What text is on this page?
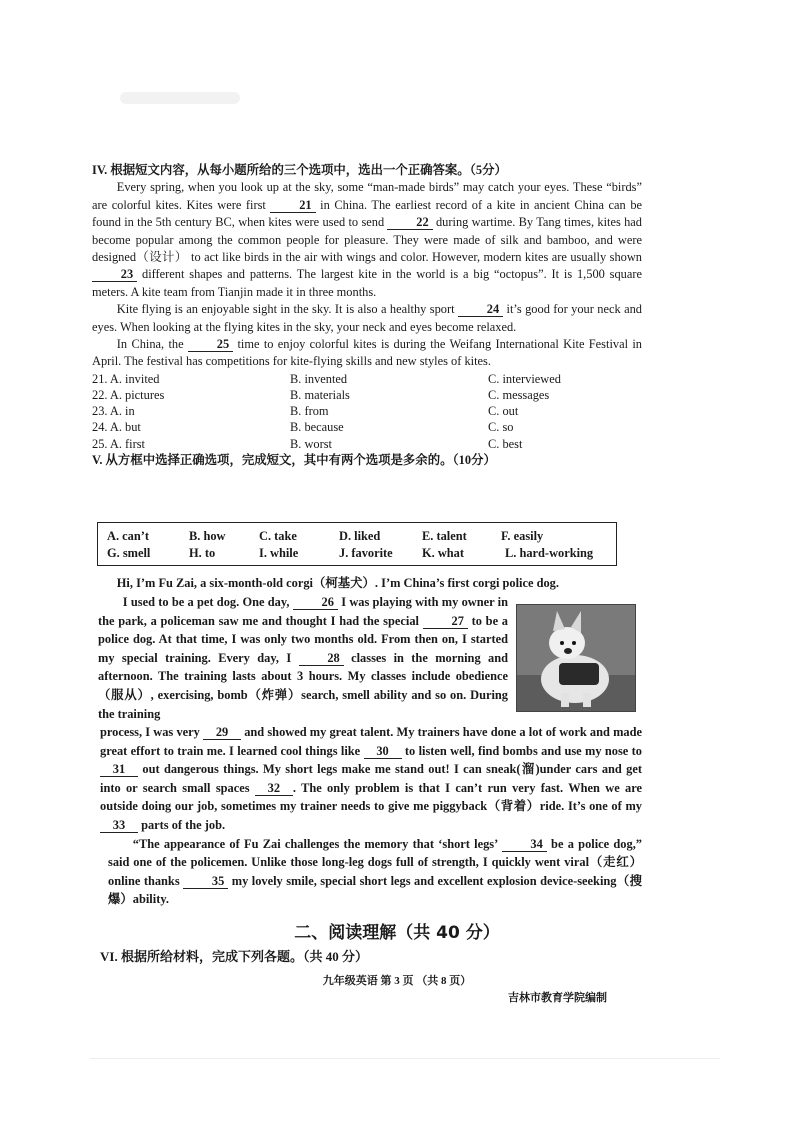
IV. 根据短文内容，从每小题所给的三个选项中，选出一个正确答案。（5分）

Every spring, when you look up at the sky, some “man-made birds” may catch your eyes. These “birds” are colorful kites. Kites were first 21 in China. The earliest record of a kite in ancient China can be found in the 5th century BC, when kites were used to send 22 during wartime. By Tang times, kites had become popular among the common people for pleasure. They were made of silk and bamboo, and were designed（设计） to act like birds in the air with wings and color. However, modern kites are usually shown 23 different shapes and patterns. The largest kite in the world is a big “octopus”. It is 1,500 square meters. A kite team from Tianjin made it in three months.

Kite flying is an enjoyable sight in the sky. It is also a healthy sport 24 it’s good for your neck and eyes. When looking at the flying kites in the sky, your neck and eyes become relaxed.

In China, the 25 time to enjoy colorful kites is during the Weifang International Kite Festival in April. The festival has competitions for kite-flying skills and new styles of kites.

21. A. invited	B. invented	C. interviewed
22. A. pictures	B. materials	C. messages
23. A. in	B. from	C. out
24. A. but	B. because	C. so
25. A. first	B. worst	C. best

V. 从方框中选择正确选项，完成短文，其中有两个选项是多余的。（10分）

A. can’t	B. how	C. take	D. liked	E. talent	F. easily
G. smell	H. to	I. while	J. favorite K. what	L. hard-working

Hi, I’m Fu Zai, a six-month-old corgi（柯基犬）. I’m China’s first corgi police dog.

I used to be a pet dog. One day, 26 I was playing with my owner in the park, a policeman saw me and thought I had the special 27 to be a police dog. At that time, I was only two months old. From then on, I started my special training. Every day, I 28 classes in the morning and afternoon. The training lasts about 3 hours. My classes include obedience（服从）, exercising, bomb（炸弹）search, smell ability and so on. During the training

process, I was very 29 and showed my great talent. My trainers have done a lot of work and made great effort to train me. I learned cool things like 30 to listen well, find bombs and use my nose to 31 out dangerous things. My short legs make me stand out! I can sneak(溜)under cars and get into or search small spaces 32 . The only problem is that I can’t run very fast. When we are outside doing our job, sometimes my trainer needs to give me piggyback（背着）ride. It’s one of my 33 parts of the job.

“The appearance of Fu Zai challenges the memory that ‘short legs’ 34 be a police dog,” said one of the policemen. Unlike those long-leg dogs full of strength, I quickly went viral（走红）online thanks 35 my lovely smile, special short legs and excellent explosion device-seeking（搜爆）ability.

二、阅读理解（共 40 分）
VI. 根据所给材料，完成下列各题。（共 40 分）
九年级英语 第 3 页 （共 8 页）
吉林市教育学院编制
